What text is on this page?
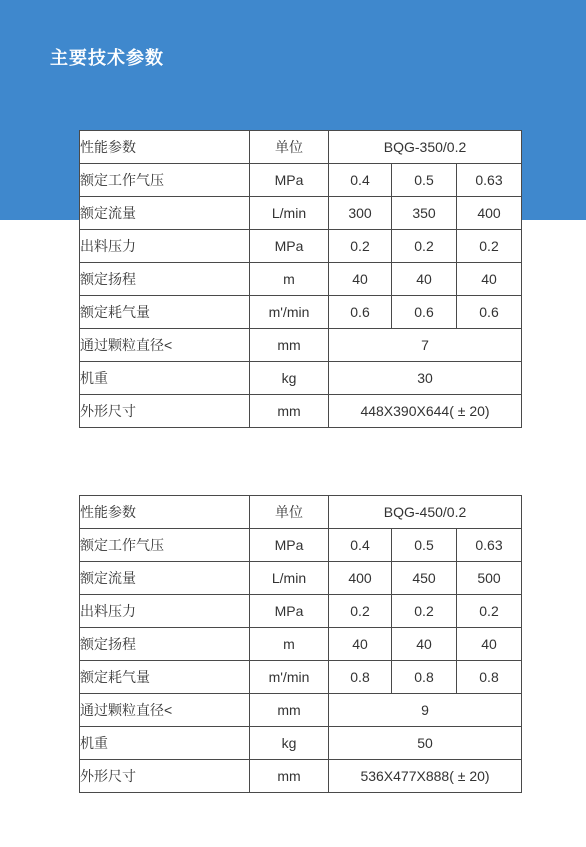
主要技术参数
性能参数	单位	BQG-350/0.2		
额定工作气压	MPa	0.4	0.5	0.63
额定流量	L/min	300	350	400
出料压力	MPa	0.2	0.2	0.2
额定扬程	m	40	40	40
额定耗气量	m'/min	0.6	0.6	0.6
通过颗粒直径<	mm	7		
机重	kg	30		
外形尺寸	mm	448X390X644( ± 20)		
性能参数	单位	BQG-450/0.2		
额定工作气压	MPa	0.4	0.5	0.63
额定流量	L/min	400	450	500
出料压力	MPa	0.2	0.2	0.2
额定扬程	m	40	40	40
额定耗气量	m'/min	0.8	0.8	0.8
通过颗粒直径<	mm	9		
机重	kg	50		
外形尺寸	mm	536X477X888( ± 20)		
